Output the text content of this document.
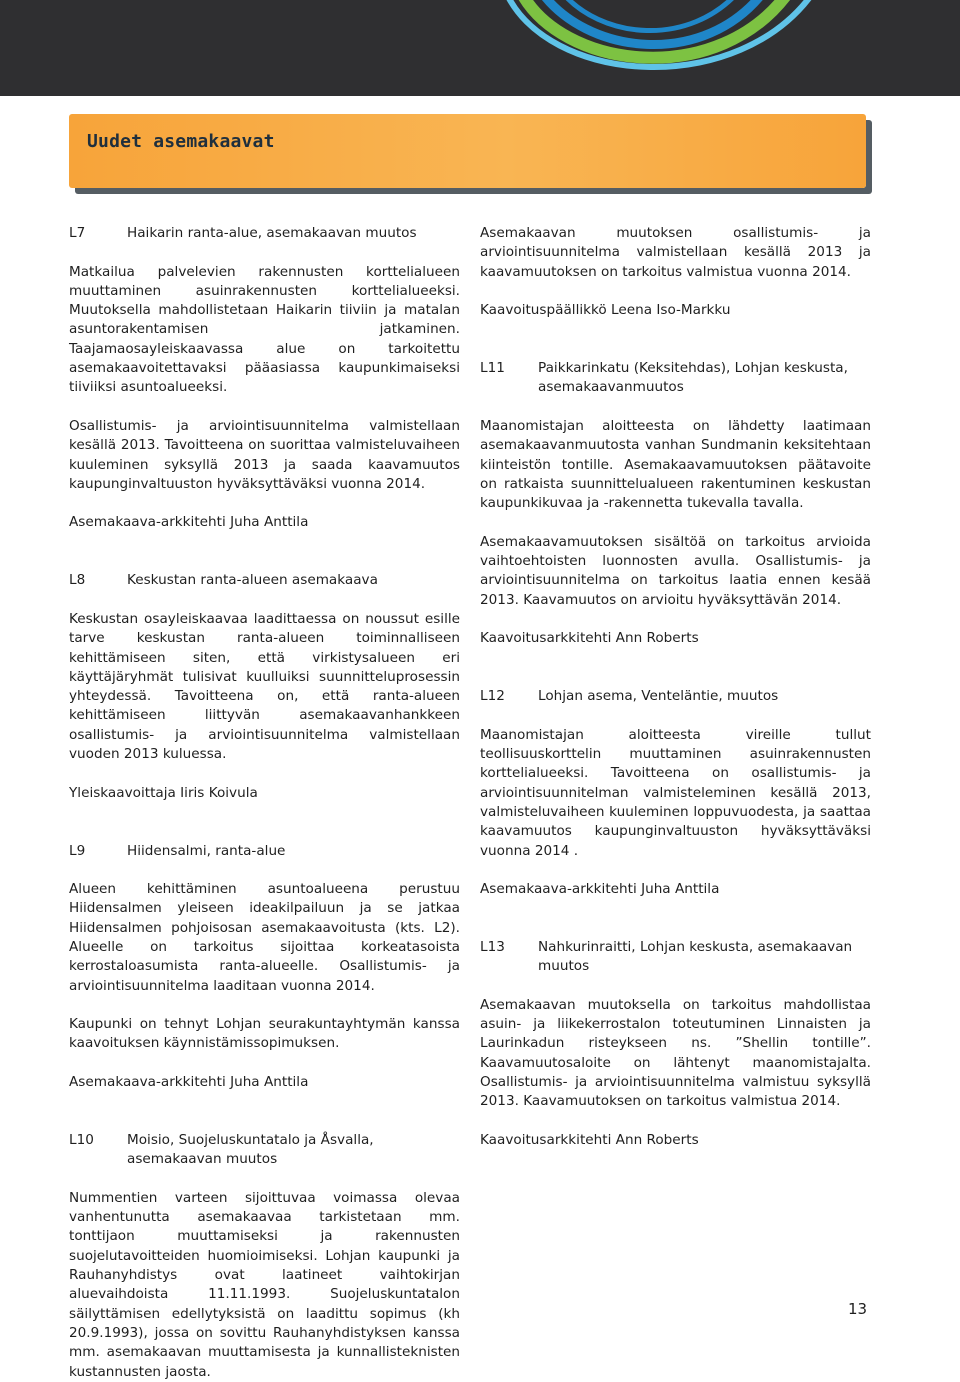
Uudet asemakaavat
L7	Haikarin ranta-alue, asemakaavan muutos

Matkailua palvelevien rakennusten korttelialueen muuttaminen asuinrakennusten korttelialueeksi. Muutoksella mahdollistetaan Haikarin tiiviin ja matalan asuntorakentamisen jatkaminen. Taajamaosayleiskaavassa alue on tarkoitettu asemakaavoitettavaksi pääasiassa kaupunkimaiseksi tiiviiksi asuntoalueeksi.

Osallistumis- ja arviointisuunnitelma valmistellaan kesällä 2013. Tavoitteena on suorittaa valmisteluvaiheen kuuleminen syksyllä 2013 ja saada kaavamuutos kaupunginvaltuuston hyväksyttäväksi vuonna 2014.

Asemakaava-arkkitehti Juha Anttila

L8	Keskustan ranta-alueen asemakaava

Keskustan osayleiskaavaa laadittaessa on noussut esille tarve keskustan ranta-alueen toiminnalliseen kehittämiseen siten, että virkistysalueen eri käyttäjäryhmät tulisivat kuulluiksi suunnitteluprosessin yhteydessä. Tavoitteena on, että ranta-alueen kehittämiseen liittyvän asemakaavanhankkeen osallistumis- ja arviointisuunnitelma valmistellaan vuoden 2013 kuluessa.

Yleiskaavoittaja Iiris Koivula

L9	Hiidensalmi, ranta-alue

Alueen kehittäminen asuntoalueena perustuu Hiidensalmen yleiseen ideakilpailuun ja se jatkaa Hiidensalmen pohjoisosan asemakaavoitusta (kts. L2). Alueelle on tarkoitus sijoittaa korkeatasoista kerrostaloasumista ranta-alueelle. Osallistumis- ja arviointisuunnitelma laaditaan vuonna 2014.

Kaupunki on tehnyt Lohjan seurakuntayhtymän kanssa kaavoituksen käynnistämissopimuksen.

Asemakaava-arkkitehti Juha Anttila

L10	Moisio, Suojeluskuntatalo ja Åsvalla, asemakaavan muutos

Nummentien varteen sijoittuvaa voimassa olevaa vanhentunutta asemakaavaa tarkistetaan mm. tonttijaon muuttamiseksi ja rakennusten suojelutavoitteiden huomioimiseksi. Lohjan kaupunki ja Rauhanyhdistys ovat laatineet vaihtokirjan aluevaihdoista 11.11.1993. Suojeluskuntatalon säilyttämisen edellytyksistä on laadittu sopimus (kh 20.9.1993), jossa on sovittu Rauhanyhdistyksen kanssa mm. asemakaavan muuttamisesta ja kunnallisteknisten kustannusten jaosta.

Asemakaavan muutoksen osallistumis- ja arviointisuunnitelma valmistellaan kesällä 2013 ja kaavamuutoksen on tarkoitus valmistua vuonna 2014.

Kaavoituspäällikkö Leena Iso-Markku

L11	Paikkarinkatu (Keksitehdas), Lohjan keskusta, asemakaavanmuutos

Maanomistajan aloitteesta on lähdetty laatimaan asemakaavanmuutosta vanhan Sundmanin keksitehtaan kiinteistön tontille. Asemakaavamuutoksen päätavoite on ratkaista suunnittelualueen rakentuminen keskustan kaupunkikuvaa ja -rakennetta tukevalla tavalla.

Asemakaavamuutoksen sisältöä on tarkoitus arvioida vaihtoehtoisten luonnosten avulla. Osallistumis- ja arviointisuunnitelma on tarkoitus laatia ennen kesää 2013. Kaavamuutos on arvioitu hyväksyttävän 2014.

Kaavoitusarkkitehti Ann Roberts

L12	Lohjan asema, Venteläntie, muutos

Maanomistajan aloitteesta vireille tullut teollisuuskorttelin muuttaminen asuinrakennusten korttelialueeksi. Tavoitteena on osallistumis- ja arviointisuunnitelman valmisteleminen kesällä 2013, valmisteluvaiheen kuuleminen loppuvuodesta, ja saattaa kaavamuutos kaupunginvaltuuston hyväksyttäväksi vuonna 2014 .

Asemakaava-arkkitehti Juha Anttila

L13	Nahkurinraitti, Lohjan keskusta, asemakaavan muutos

Asemakaavan muutoksella on tarkoitus mahdollistaa asuin- ja liikekerrostalon toteutuminen Linnaisten ja Laurinkadun risteykseen ns. ”Shellin tontille”. Kaavamuutosaloite on lähtenyt maanomistajalta. Osallistumis- ja arviointisuunnitelma valmistuu syksyllä 2013. Kaavamuutoksen on tarkoitus valmistua 2014.

Kaavoitusarkkitehti Ann Roberts

13
